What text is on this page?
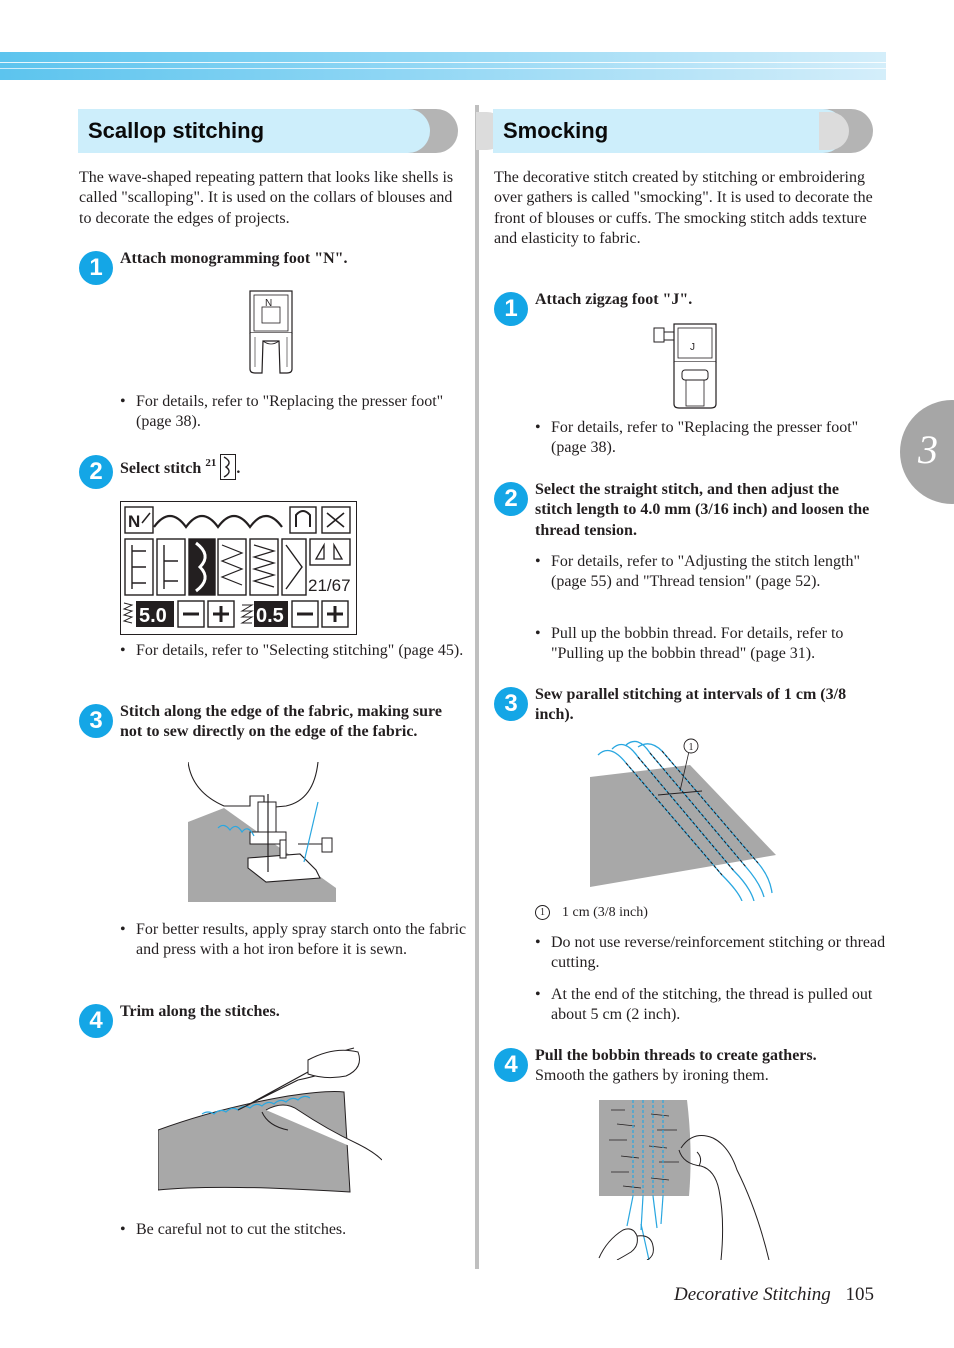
3
Scallop stitching

The wave-shaped repeating pattern that looks like shells is called "scalloping". It is used on the collars of blouses and to decorate the edges of projects.

1	Attach monogramming foot "N".

N

• For details, refer to "Replacing the presser foot" (page 38).

2	Select stitch $^{21}$ .

N
21/67
5.0	0.5

• For details, refer to "Selecting stitching" (page 45).

3	Stitch along the edge of the fabric, making sure not to sew directly on the edge of the fabric.

• For better results, apply spray starch onto the fabric and press with a hot iron before it is sewn.

4	Trim along the stitches.

• Be careful not to cut the stitches.

Smocking

The decorative stitch created by stitching or embroidering over gathers is called "smocking". It is used to decorate the front of blouses or cuffs. The smocking stitch adds texture and elasticity to fabric.

1	Attach zigzag foot "J".

J

• For details, refer to "Replacing the presser foot" (page 38).

2	Select the straight stitch, and then adjust the stitch length to 4.0 mm (3/16 inch) and loosen the thread tension.

• For details, refer to "Adjusting the stitch length" (page 55) and "Thread tension" (page 52).

• Pull up the bobbin thread. For details, refer to "Pulling up the bobbin thread" (page 31).

3	Sew parallel stitching at intervals of 1 cm (3/8 inch).

1
1 1 cm (3/8 inch)

• Do not use reverse/reinforcement stitching or thread cutting.

• At the end of the stitching, the thread is pulled out about 5 cm (2 inch).

4	Pull the bobbin threads to create gathers.
Smooth the gathers by ironing them.

Decorative Stitching 105
